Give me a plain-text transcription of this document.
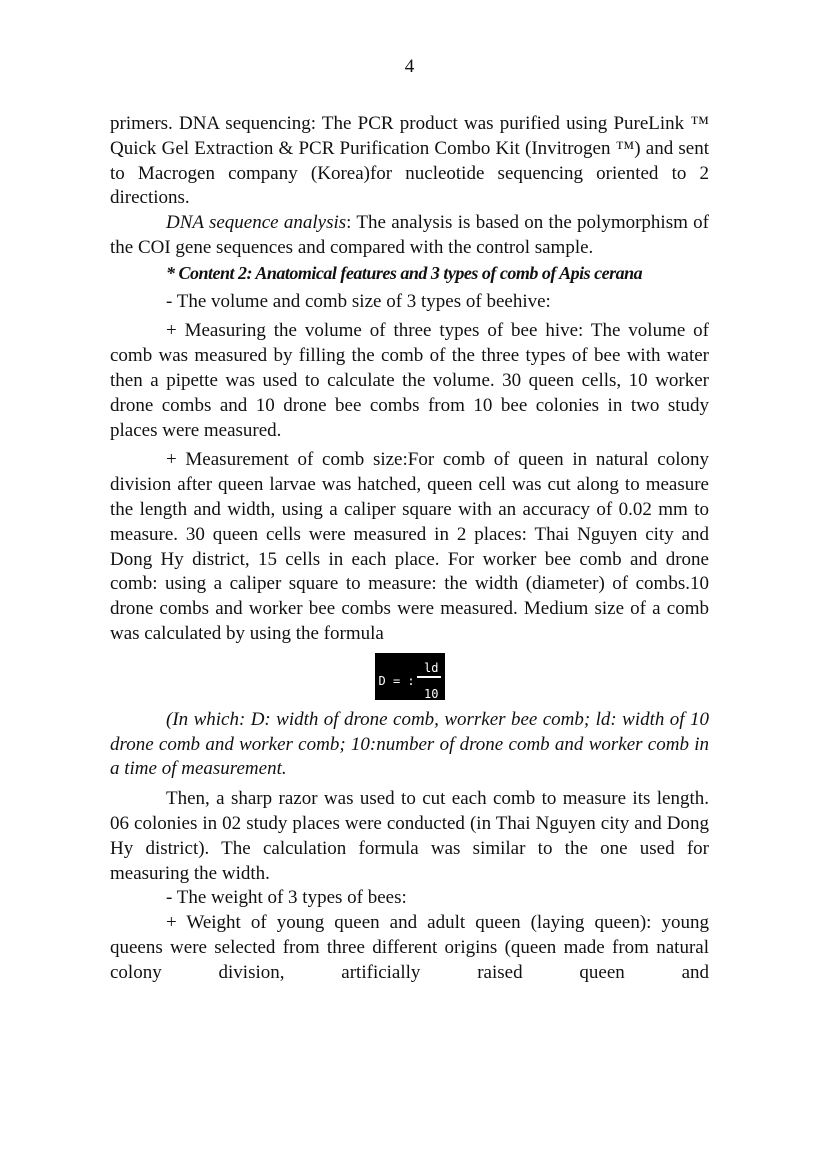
4

primers. DNA sequencing: The PCR product was purified using PureLink ™ Quick Gel Extraction & PCR Purification Combo Kit (Invitrogen ™) and sent to Macrogen company (Korea)for nucleotide sequencing oriented to 2 directions.

DNA sequence analysis: The analysis is based on the polymorphism of the COI gene sequences and compared with the control sample.

* Content 2: Anatomical features and 3 types of comb of Apis cerana

- The volume and comb size of 3 types of beehive:

+ Measuring the volume of three types of bee hive: The volume of comb was measured by filling the comb of the three types of bee with water then a pipette was used to calculate the volume. 30 queen cells, 10 worker drone combs and 10 drone bee combs from 10 bee colonies in two study places were measured.

+ Measurement of comb size:For comb of queen in natural colony division after queen larvae was hatched, queen cell was cut along to measure the length and width, using a caliper square with an accuracy of 0.02 mm to measure. 30 queen cells were measured in 2 places: Thai Nguyen city and Dong Hy district, 15 cells in each place. For worker bee comb and drone comb: using a caliper square to measure: the width (diameter) of combs.10 drone combs and worker bee combs were measured. Medium size of a comb was calculated by using the formula

D = :
ld
10

(In which: D: width of drone comb, worrker bee comb; ld: width of 10 drone comb and worker comb; 10:number of drone comb and worker comb in a time of measurement.

Then, a sharp razor was used to cut each comb to measure its length. 06 colonies in 02 study places were conducted (in Thai Nguyen city and Dong Hy district). The calculation formula was similar to the one used for measuring the width.

- The weight of 3 types of bees:

+ Weight of young queen and adult queen (laying queen): young queens were selected from three different origins (queen made from natural colony division, artificially raised queen and
